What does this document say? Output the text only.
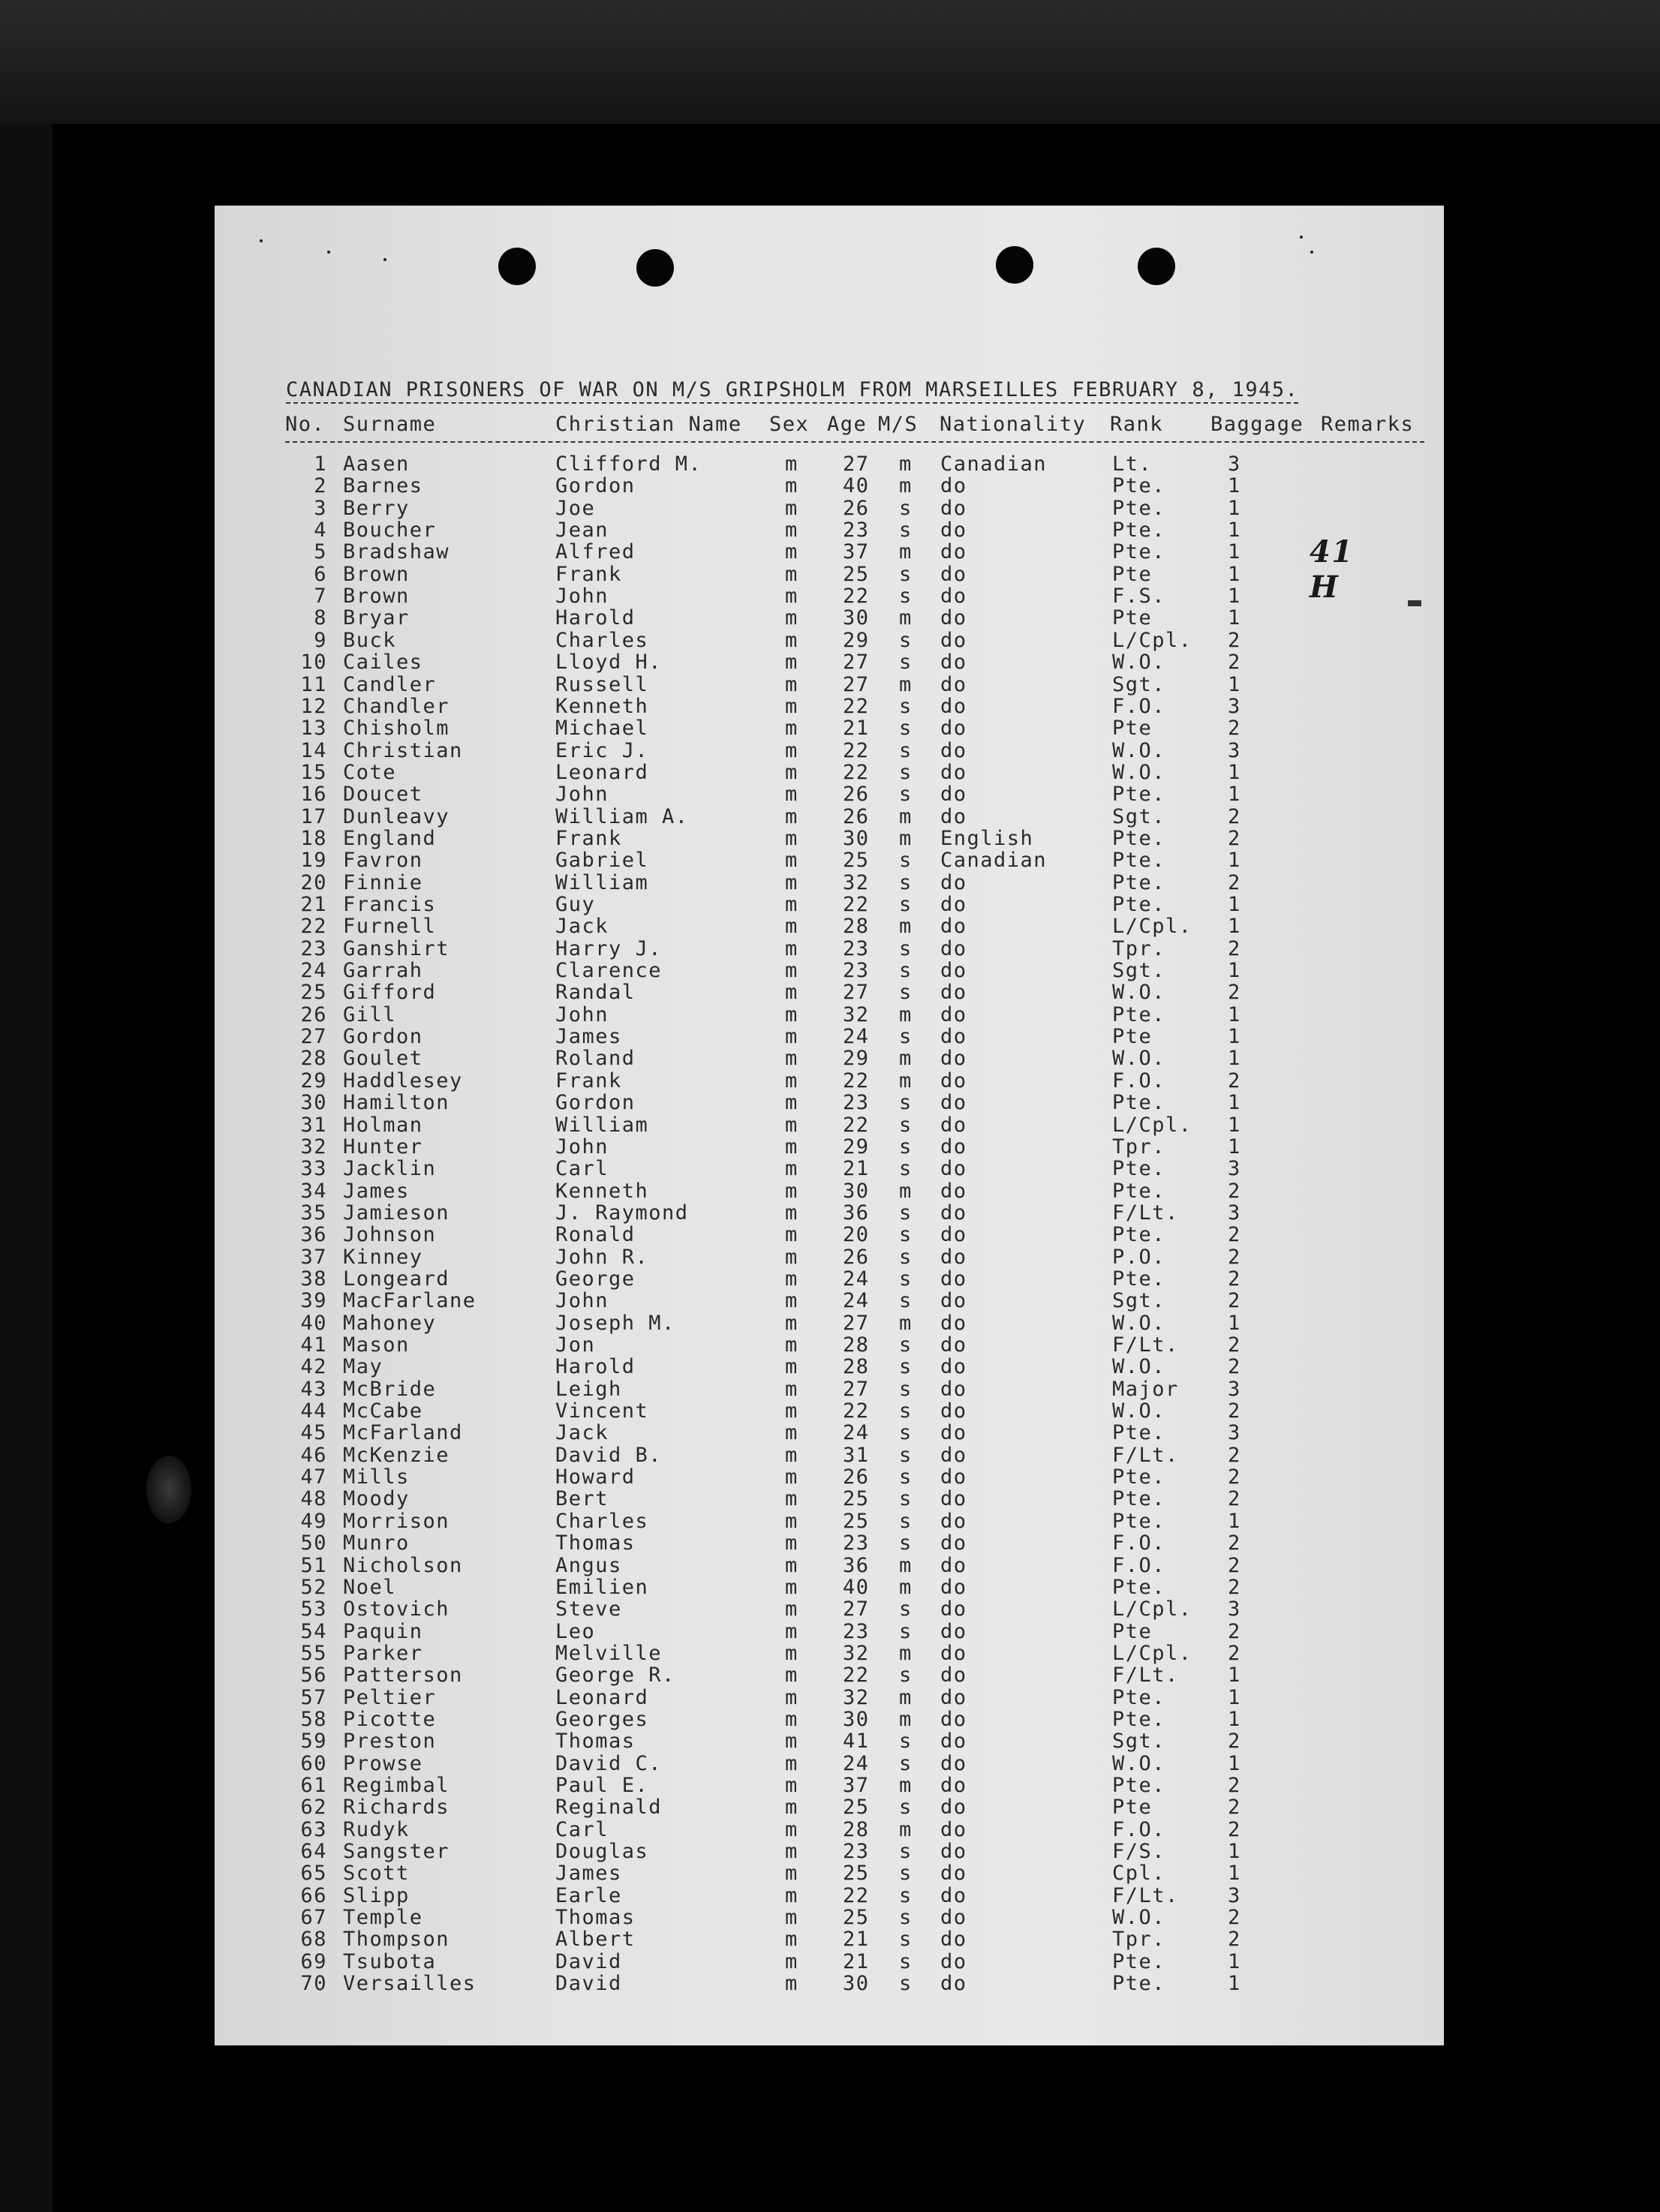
CANADIAN PRISONERS OF WAR ON M/S GRIPSHOLM FROM MARSEILLES FEBRUARY 8, 1945.
No. Surname	Christian Name Sex Age M/S Nationality Rank Baggage Remarks
1 Aasen	Clifford M.	m 27 m Canadian	Lt.	3
2 Barnes	Gordon	m 40 m do	Pte.	1
3 Berry	Joe	m 26 s do	Pte.	1
4 Boucher	Jean	m 23 s do	Pte.	1
5 Bradshaw	Alfred	m 37 m do	Pte.	1
6 Brown	Frank	m 25 s do	Pte	1
7 Brown	John	m 22 s do	F.S.	1
8 Bryar	Harold	m 30 m do	Pte	1
9 Buck	Charles	m 29 s do	L/Cpl. 2
10 Cailes	Lloyd H.	m 27 s do	W.O.	2
11 Candler	Russell	m 27 m do	Sgt.	1
12 Chandler	Kenneth	m 22 s do	F.O.	3
13 Chisholm	Michael	m 21 s do	Pte	2
14 Christian	Eric J.	m 22 s do	W.O.	3
15 Cote	Leonard	m 22 s do	W.O.	1
16 Doucet	John	m 26 s do	Pte.	1
17 Dunleavy	William A.	m 26 m do	Sgt.	2
18 England	Frank	m 30 m English	Pte.	2
19 Favron	Gabriel	m 25 s Canadian	Pte.	1
20 Finnie	William	m 32 s do	Pte.	2
21 Francis	Guy	m 22 s do	Pte.	1
22 Furnell	Jack	m 28 m do	L/Cpl. 1
23 Ganshirt	Harry J.	m 23 s do	Tpr.	2
24 Garrah	Clarence	m 23 s do	Sgt.	1
25 Gifford	Randal	m 27 s do	W.O.	2
26 Gill	John	m 32 m do	Pte.	1
27 Gordon	James	m 24 s do	Pte	1
28 Goulet	Roland	m 29 m do	W.O.	1
29 Haddlesey	Frank	m 22 m do	F.O.	2
30 Hamilton	Gordon	m 23 s do	Pte.	1
31 Holman	William	m 22 s do	L/Cpl. 1
32 Hunter	John	m 29 s do	Tpr.	1
33 Jacklin	Carl	m 21 s do	Pte.	3
34 James	Kenneth	m 30 m do	Pte.	2
35 Jamieson	J. Raymond	m 36 s do	F/Lt. 3
36 Johnson	Ronald	m 20 s do	Pte.	2
37 Kinney	John R.	m 26 s do	P.O.	2
38 Longeard	George	m 24 s do	Pte.	2
39 MacFarlane	John	m 24 s do	Sgt.	2
40 Mahoney	Joseph M.	m 27 m do	W.O.	1
41 Mason	Jon	m 28 s do	F/Lt. 2
42 May	Harold	m 28 s do	W.O.	2
43 McBride	Leigh	m 27 s do	Major 3
44 McCabe	Vincent	m 22 s do	W.O.	2
45 McFarland	Jack	m 24 s do	Pte.	3
46 McKenzie	David B.	m 31 s do	F/Lt. 2
47 Mills	Howard	m 26 s do	Pte.	2
48 Moody	Bert	m 25 s do	Pte.	2
49 Morrison	Charles	m 25 s do	Pte.	1
50 Munro	Thomas	m 23 s do	F.O.	2
51 Nicholson	Angus	m 36 m do	F.O.	2
52 Noel	Emilien	m 40 m do	Pte.	2
53 Ostovich	Steve	m 27 s do	L/Cpl. 3
54 Paquin	Leo	m 23 s do	Pte	2
55 Parker	Melville	m 32 m do	L/Cpl. 2
56 Patterson	George R.	m 22 s do	F/Lt. 1
57 Peltier	Leonard	m 32 m do	Pte.	1
58 Picotte	Georges	m 30 m do	Pte.	1
59 Preston	Thomas	m 41 s do	Sgt.	2
60 Prowse	David C.	m 24 s do	W.O.	1
61 Regimbal	Paul E.	m 37 m do	Pte.	2
62 Richards	Reginald	m 25 s do	Pte	2
63 Rudyk	Carl	m 28 m do	F.O.	2
64 Sangster	Douglas	m 23 s do	F/S.	1
65 Scott	James	m 25 s do	Cpl.	1
66 Slipp	Earle	m 22 s do	F/Lt. 3
67 Temple	Thomas	m 25 s do	W.O.	2
68 Thompson	Albert	m 21 s do	Tpr.	2
69 Tsubota	David	m 21 s do	Pte.	1
70 Versailles	David	m 30 s do	Pte.	1
41 H
